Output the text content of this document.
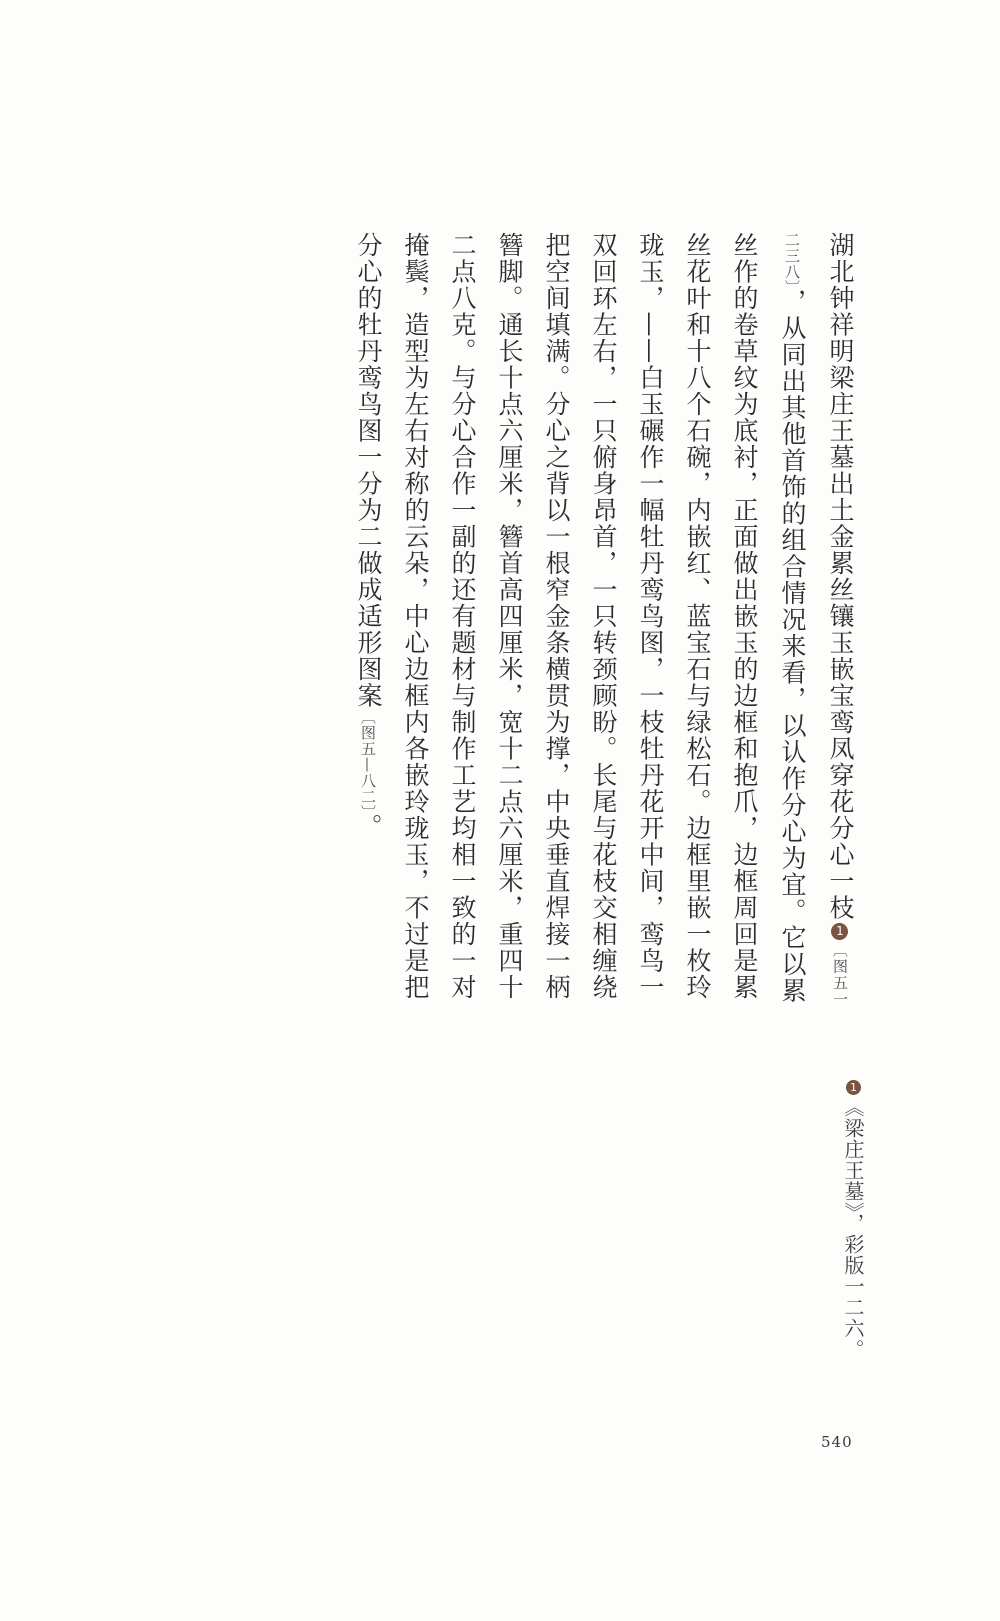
湖北钟祥明梁庄王墓出土金累丝镶玉嵌宝鸾凤穿花分心一枝1〔图五一二三八〕，从同出其他首饰的组合情况来看，以认作分心为宜。它以累丝作的卷草纹为底衬，正面做出嵌玉的边框和抱爪，边框周回是累丝花叶和十八个石碗，内嵌红、蓝宝石与绿松石。边框里嵌一枚玲珑玉，——白玉碾作一幅牡丹鸾鸟图，一枝牡丹花开中间，鸾鸟一双回环左右，一只俯身昂首，一只转颈顾盼。长尾与花枝交相缠绕把空间填满。分心之背以一根窄金条横贯为撑，中央垂直焊接一柄簪脚。通长十点六厘米，簪首高四厘米，宽十二点六厘米，重四十二点八克。与分心合作一副的还有题材与制作工艺均相一致的一对掩鬓，造型为左右对称的云朵，中心边框内各嵌玲珑玉，不过是把分心的牡丹鸾鸟图一分为二做成适形图案〔图五—八二〕。

1《梁庄王墓》，彩版一二六。
540
